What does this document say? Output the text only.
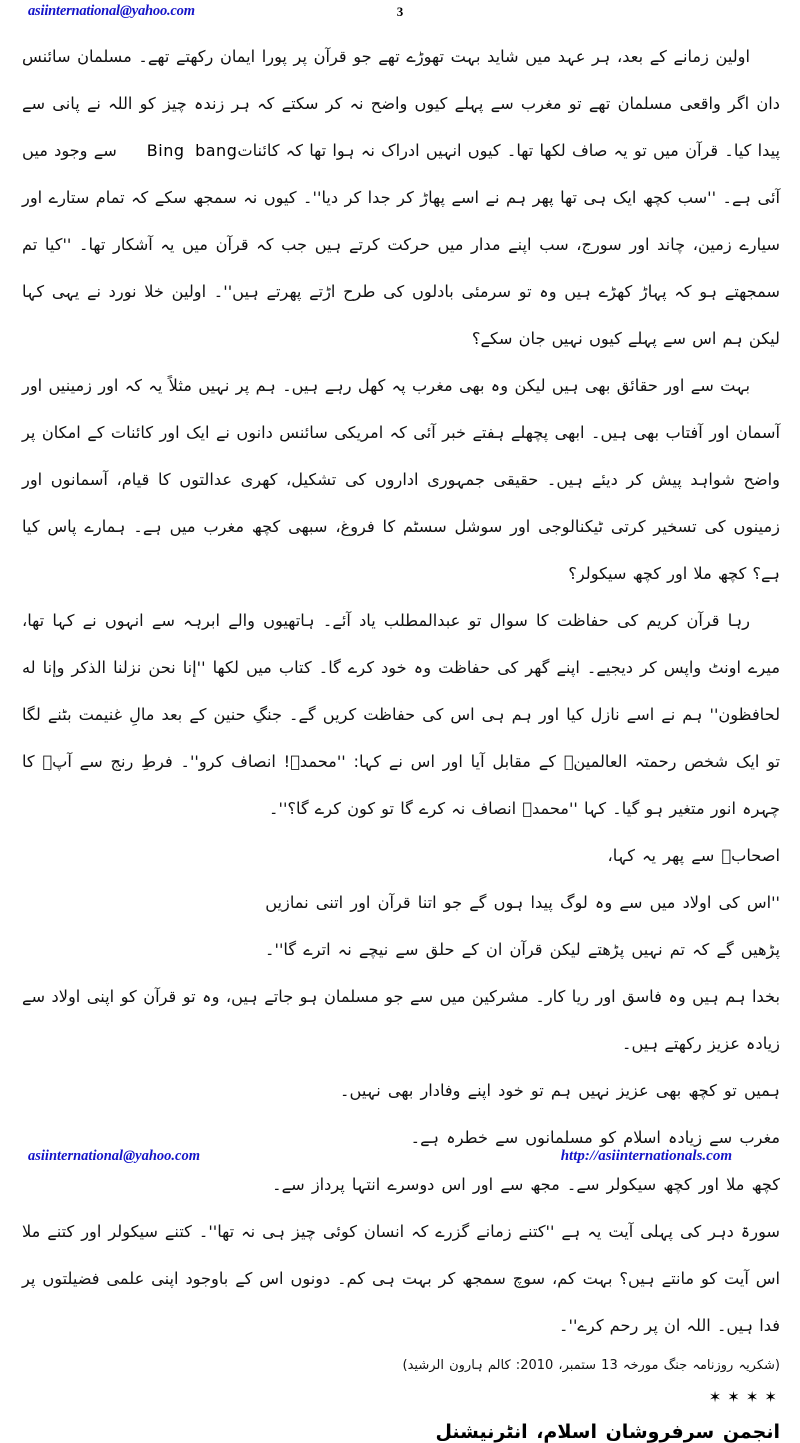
asiinternational@yahoo.com	3

اولین زمانے کے بعد، ہر عہد میں شاید بہت تھوڑے تھے جو قرآن پر پورا ایمان رکھتے تھے۔ مسلمان سائنس دان اگر واقعی مسلمان تھے تو مغرب سے پہلے کیوں واضح نہ کر سکتے کہ ہر زندہ چیز کو اللہ نے پانی سے پیدا کیا۔ قرآن میں تو یہ صاف لکھا تھا۔ کیوں انہیں ادراک نہ ہوا تھا کہ کائناتBing bangسے وجود میں آئی ہے۔ ''سب کچھ ایک ہی تھا پھر ہم نے اسے پھاڑ کر جدا کر دیا''۔ کیوں نہ سمجھ سکے کہ تمام ستارے اور سیارے زمین، چاند اور سورج، سب اپنے مدار میں حرکت کرتے ہیں جب کہ قرآن میں یہ آشکار تھا۔ ''کیا تم سمجھتے ہو کہ پہاڑ کھڑے ہیں وہ تو سرمئی بادلوں کی طرح اڑتے پھرتے ہیں''۔ اولین خلا نورد نے یہی کہا لیکن ہم اس سے پہلے کیوں نہیں جان سکے؟

بہت سے اور حقائق بھی ہیں لیکن وہ بھی مغرب پہ کھل رہے ہیں۔ ہم پر نہیں مثلاً یہ کہ اور زمینیں اور آسمان اور آفتاب بھی ہیں۔ ابھی پچھلے ہفتے خبر آئی کہ امریکی سائنس دانوں نے ایک اور کائنات کے امکان پر واضح شواہد پیش کر دیئے ہیں۔ حقیقی جمہوری اداروں کی تشکیل، کھری عدالتوں کا قیام، آسمانوں اور زمینوں کی تسخیر کرتی ٹیکنالوجی اور سوشل سسٹم کا فروغ، سبھی کچھ مغرب میں ہے۔ ہمارے پاس کیا ہے؟ کچھ ملا اور کچھ سیکولر؟

رہا قرآن کریم کی حفاظت کا سوال تو عبدالمطلب یاد آئے۔ ہاتھیوں والے ابرہہ سے انہوں نے کہا تھا، میرے اونٹ واپس کر دیجیے۔ اپنے گھر کی حفاظت وہ خود کرے گا۔ کتاب میں لکھا ''إنا نحن نزلنا الذكر وإنا له لحافظون'' ہم نے اسے نازل کیا اور ہم ہی اس کی حفاظت کریں گے۔ جنگِ حنین کے بعد مالِ غنیمت بٹنے لگا تو ایک شخص رحمتہ العالمینؐ کے مقابل آیا اور اس نے کہا: ''محمدؐ! انصاف کرو''۔ فرطِ رنج سے آپؐ کا چہرہ انور متغیر ہو گیا۔ کہا ''محمدؐ انصاف نہ کرے گا تو کون کرے گا؟''۔

اصحابؓ سے پھر یہ کہا،
''اس کی اولاد میں سے وہ لوگ پیدا ہوں گے جو اتنا قرآن اور اتنی نمازیں
پڑھیں گے کہ تم نہیں پڑھتے لیکن قرآن ان کے حلق سے نیچے نہ اترے گا''۔

بخدا ہم ہیں وہ فاسق اور ریا کار۔ مشرکین میں سے جو مسلمان ہو جاتے ہیں، وہ تو قرآن کو اپنی اولاد سے زیادہ عزیز رکھتے ہیں۔

ہمیں تو کچھ بھی عزیز نہیں ہم تو خود اپنے وفادار بھی نہیں۔
مغرب سے زیادہ اسلام کو مسلمانوں سے خطرہ ہے۔
کچھ ملا اور کچھ سیکولر سے۔ مجھ سے اور اس دوسرے انتہا پرداز سے۔

سورۃ دہر کی پہلی آیت یہ ہے ''کتنے زمانے گزرے کہ انسان کوئی چیز ہی نہ تھا''۔ کتنے سیکولر اور کتنے ملا اس آیت کو مانتے ہیں؟ بہت کم، سوچ سمجھ کر بہت ہی کم۔ دونوں اس کے باوجود اپنی علمی فضیلتوں پر فدا ہیں۔ اللہ ان پر رحم کرے''۔

(شکریہ روزنامہ جنگ مورخہ 13 ستمبر، 2010: کالم ہارون الرشید)
✶ ✶ ✶ ✶
انجمن سرفروشان اسلام، انٹرنیشنل
asiinternational@yahoo.com	http://asiinternationals.com
